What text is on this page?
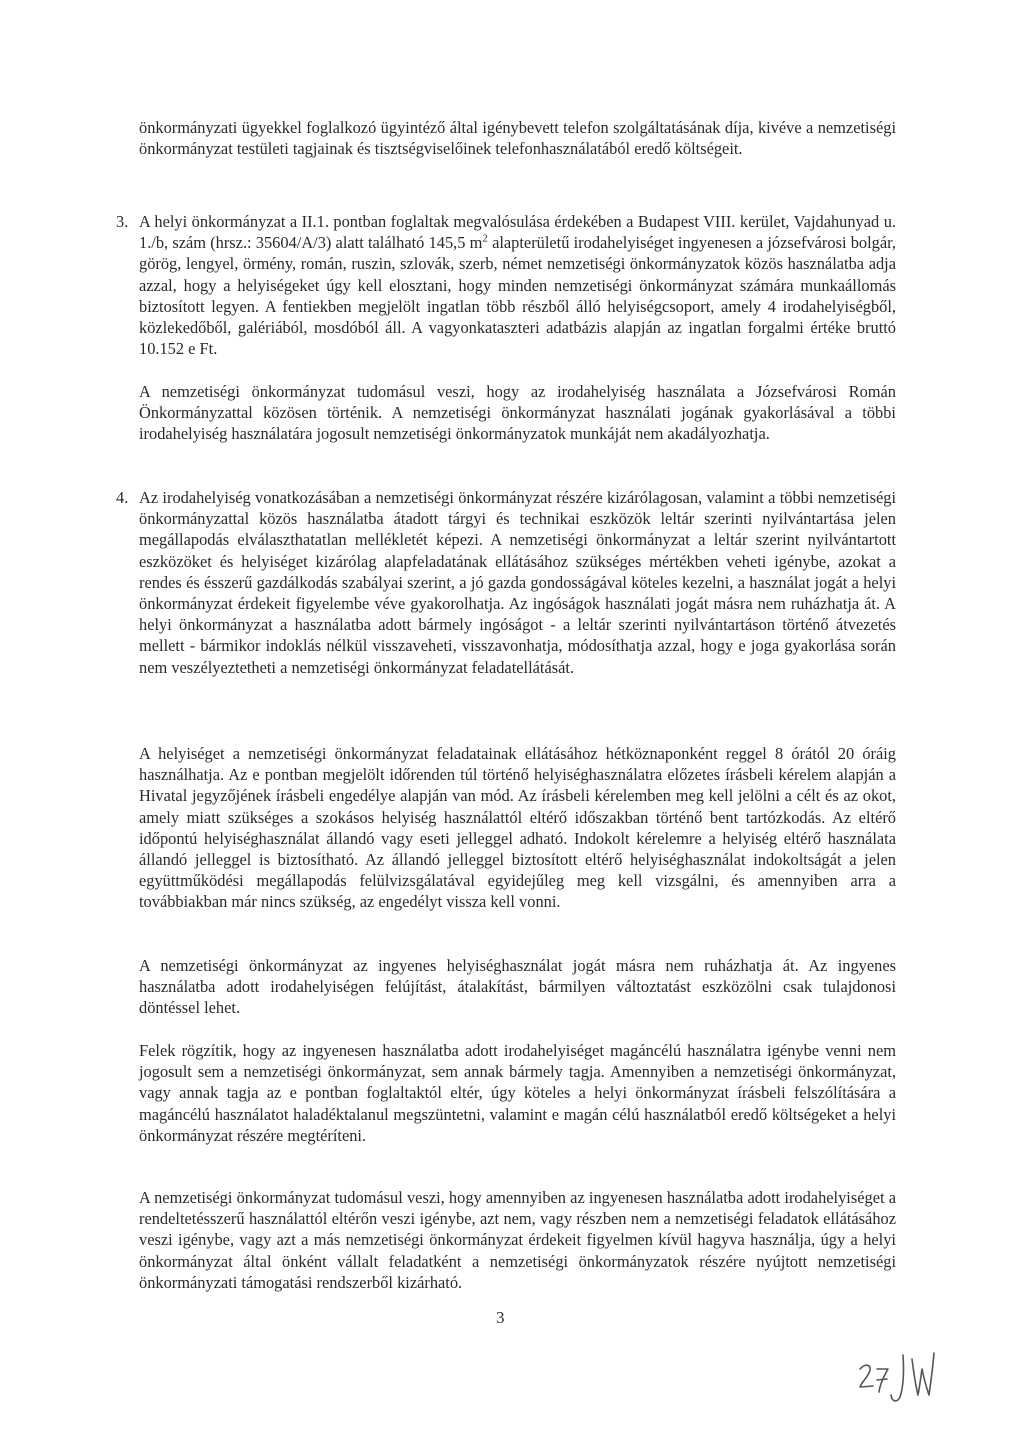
önkormányzati ügyekkel foglalkozó ügyintéző által igénybevett telefon szolgáltatásának díja, kivéve a nemzetiségi önkormányzat testületi tagjainak és tisztségviselőinek telefonhasználatából eredő költségeit.

3. A helyi önkormányzat a II.1. pontban foglaltak megvalósulása érdekében a Budapest VIII. kerület, Vajdahunyad u. 1./b, szám (hrsz.: 35604/A/3) alatt található 145,5 $m^2$ alapterületű irodahelyiséget ingyenesen a józsefvárosi bolgár, görög, lengyel, örmény, román, ruszin, szlovák, szerb, német nemzetiségi önkormányzatok közös használatba adja azzal, hogy a helyiségeket úgy kell elosztani, hogy minden nemzetiségi önkormányzat számára munkaállomás biztosított legyen. A fentiekben megjelölt ingatlan több részből álló helyiségcsoport, amely 4 irodahelyiségből, közlekedőből, galériából, mosdóból áll. A vagyonkataszteri adatbázis alapján az ingatlan forgalmi értéke bruttó 10.152 e Ft.

A nemzetiségi önkormányzat tudomásul veszi, hogy az irodahelyiség használata a Józsefvárosi Román Önkormányzattal közösen történik. A nemzetiségi önkormányzat használati jogának gyakorlásával a többi irodahelyiség használatára jogosult nemzetiségi önkormányzatok munkáját nem akadályozhatja.

4. Az irodahelyiség vonatkozásában a nemzetiségi önkormányzat részére kizárólagosan, valamint a többi nemzetiségi önkormányzattal közös használatba átadott tárgyi és technikai eszközök leltár szerinti nyilvántartása jelen megállapodás elválaszthatatlan mellékletét képezi. A nemzetiségi önkormányzat a leltár szerint nyilvántartott eszközöket és helyiséget kizárólag alapfeladatának ellátásához szükséges mértékben veheti igénybe, azokat a rendes és ésszerű gazdálkodás szabályai szerint, a jó gazda gondosságával köteles kezelni, a használat jogát a helyi önkormányzat érdekeit figyelembe véve gyakorolhatja. Az ingóságok használati jogát másra nem ruházhatja át. A helyi önkormányzat a használatba adott bármely ingóságot - a leltár szerinti nyilvántartáson történő átvezetés mellett - bármikor indoklás nélkül visszaveheti, visszavonhatja, módosíthatja azzal, hogy e joga gyakorlása során nem veszélyeztetheti a nemzetiségi önkormányzat feladatellátását.

A helyiséget a nemzetiségi önkormányzat feladatainak ellátásához hétköznaponként reggel 8 órától 20 óráig használhatja. Az e pontban megjelölt időrenden túl történő helyiséghasználatra előzetes írásbeli kérelem alapján a Hivatal jegyzőjének írásbeli engedélye alapján van mód. Az írásbeli kérelemben meg kell jelölni a célt és az okot, amely miatt szükséges a szokásos helyiség használattól eltérő időszakban történő bent tartózkodás. Az eltérő időpontú helyiséghasználat állandó vagy eseti jelleggel adható. Indokolt kérelemre a helyiség eltérő használata állandó jelleggel is biztosítható. Az állandó jelleggel biztosított eltérő helyiséghasználat indokoltságát a jelen együttműködési megállapodás felülvizsgálatával egyidejűleg meg kell vizsgálni, és amennyiben arra a továbbiakban már nincs szükség, az engedélyt vissza kell vonni.

A nemzetiségi önkormányzat az ingyenes helyiséghasználat jogát másra nem ruházhatja át. Az ingyenes használatba adott irodahelyiségen felújítást, átalakítást, bármilyen változtatást eszközölni csak tulajdonosi döntéssel lehet.

Felek rögzítik, hogy az ingyenesen használatba adott irodahelyiséget magáncélú használatra igénybe venni nem jogosult sem a nemzetiségi önkormányzat, sem annak bármely tagja. Amennyiben a nemzetiségi önkormányzat, vagy annak tagja az e pontban foglaltaktól eltér, úgy köteles a helyi önkormányzat írásbeli felszólítására a magáncélú használatot haladéktalanul megszüntetni, valamint e magán célú használatból eredő költségeket a helyi önkormányzat részére megtéríteni.

A nemzetiségi önkormányzat tudomásul veszi, hogy amennyiben az ingyenesen használatba adott irodahelyiséget a rendeltetésszerű használattól eltérőn veszi igénybe, azt nem, vagy részben nem a nemzetiségi feladatok ellátásához veszi igénybe, vagy azt a más nemzetiségi önkormányzat érdekeit figyelmen kívül hagyva használja, úgy a helyi önkormányzat által önként vállalt feladatként a nemzetiségi önkormányzatok részére nyújtott nemzetiségi önkormányzati támogatási rendszerből kizárható.

3
